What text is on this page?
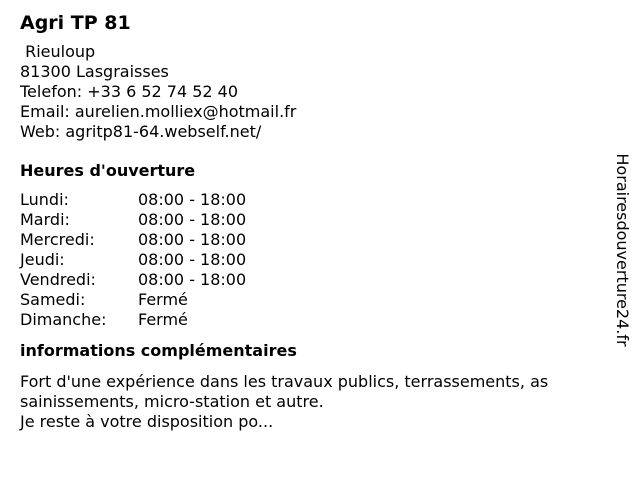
Agri TP 81
Rieuloup
81300 Lasgraisses
Telefon: +33 6 52 74 52 40
Email: aurelien.molliex@hotmail.fr
Web: agritp81-64.webself.net/
Heures d'ouverture
Lundi:	08:00 - 18:00
Mardi:	08:00 - 18:00
Mercredi:	08:00 - 18:00
Jeudi:	08:00 - 18:00
Vendredi:	08:00 - 18:00
Samedi:	Fermé
Dimanche:	Fermé
informations complémentaires
Fort d'une expérience dans les travaux publics, terrassements, as
sainissements, micro-station et autre.
Je reste à votre disposition po...
Horairesdouverture24.fr
